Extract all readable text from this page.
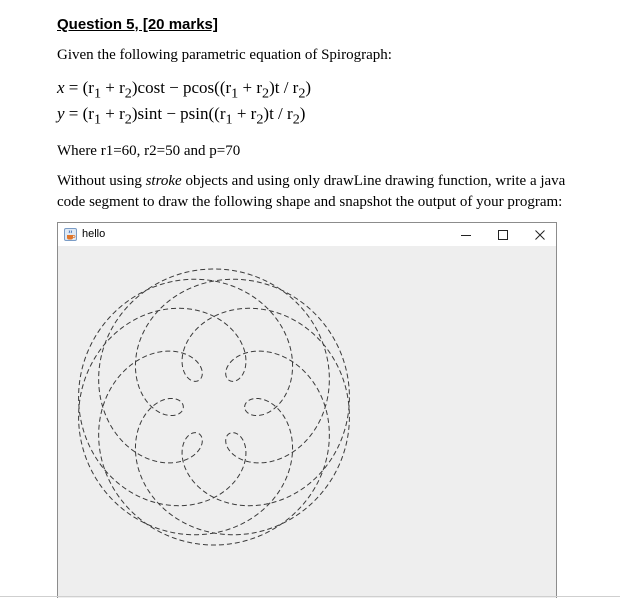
Question 5, [20 marks]

Given the following parametric equation of Spirograph:

$x = (r_1 + r_2)\cos t - pcos((r_1 + r_2)t / r_2)$
$y = (r_1 + r_2)\sin t - psin((r_1 + r_2)t / r_2)$

Where r1=60, r2=50 and p=70

Without using stroke objects and using only drawLine drawing function, write a java code segment to draw the following shape and snapshot the output of your program:

hello
